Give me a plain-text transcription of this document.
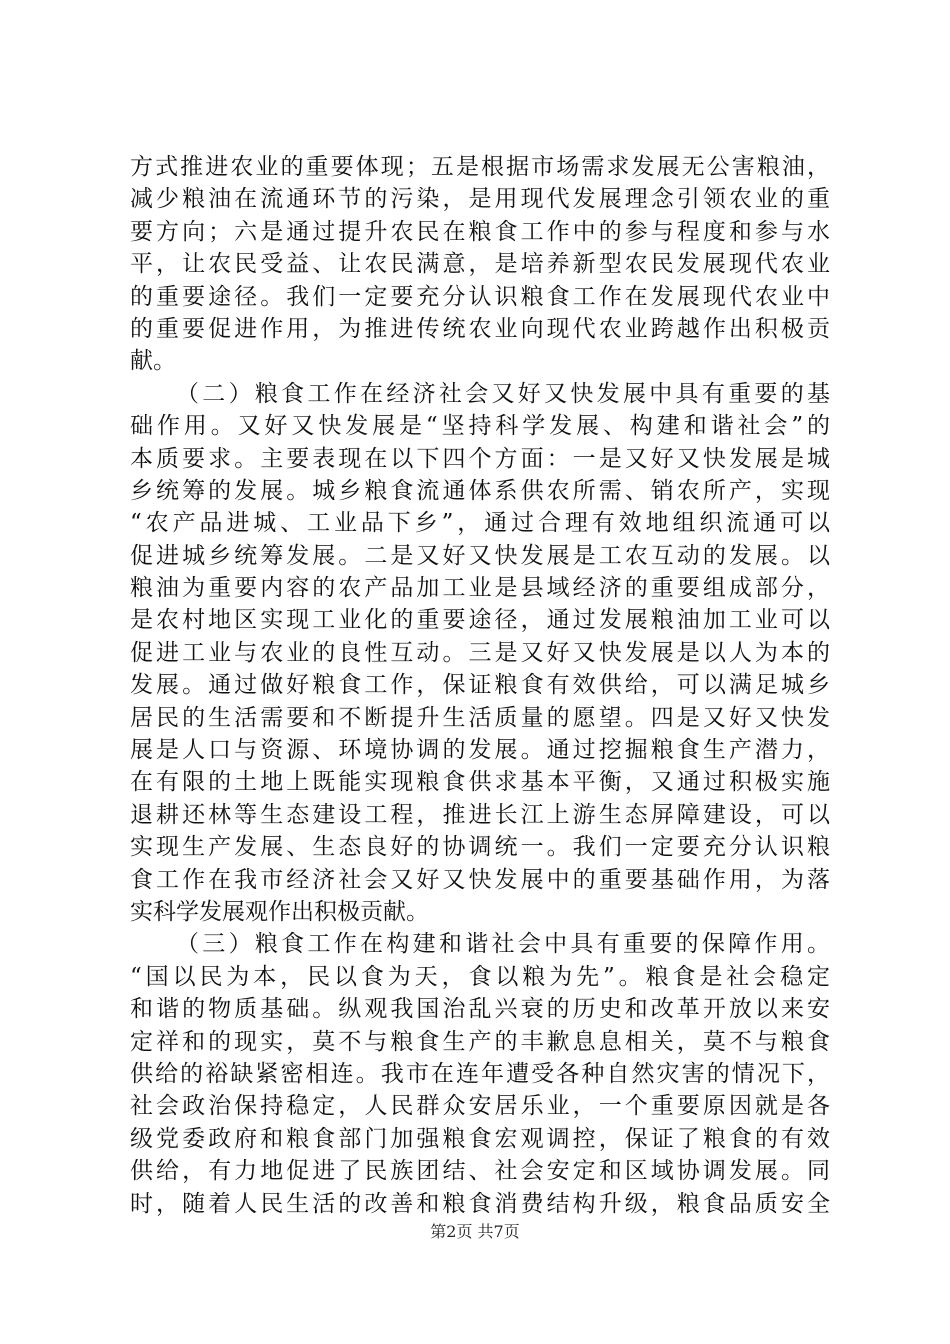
方式推进农业的重要体现；五是根据市场需求发展无公害粮油，
减少粮油在流通环节的污染，是用现代发展理念引领农业的重
要方向；六是通过提升农民在粮食工作中的参与程度和参与水
平，让农民受益、让农民满意，是培养新型农民发展现代农业
的重要途径。我们一定要充分认识粮食工作在发展现代农业中
的重要促进作用，为推进传统农业向现代农业跨越作出积极贡
献。
（二）粮食工作在经济社会又好又快发展中具有重要的基
础作用。又好又快发展是“坚持科学发展、构建和谐社会”的
本质要求。主要表现在以下四个方面：一是又好又快发展是城
乡统筹的发展。城乡粮食流通体系供农所需、销农所产，实现
“农产品进城、工业品下乡”，通过合理有效地组织流通可以
促进城乡统筹发展。二是又好又快发展是工农互动的发展。以
粮油为重要内容的农产品加工业是县域经济的重要组成部分，
是农村地区实现工业化的重要途径，通过发展粮油加工业可以
促进工业与农业的良性互动。三是又好又快发展是以人为本的
发展。通过做好粮食工作，保证粮食有效供给，可以满足城乡
居民的生活需要和不断提升生活质量的愿望。四是又好又快发
展是人口与资源、环境协调的发展。通过挖掘粮食生产潜力，
在有限的土地上既能实现粮食供求基本平衡，又通过积极实施
退耕还林等生态建设工程，推进长江上游生态屏障建设，可以
实现生产发展、生态良好的协调统一。我们一定要充分认识粮
食工作在我市经济社会又好又快发展中的重要基础作用，为落
实科学发展观作出积极贡献。
（三）粮食工作在构建和谐社会中具有重要的保障作用。
“国以民为本，民以食为天，食以粮为先”。粮食是社会稳定
和谐的物质基础。纵观我国治乱兴衰的历史和改革开放以来安
定祥和的现实，莫不与粮食生产的丰歉息息相关，莫不与粮食
供给的裕缺紧密相连。我市在连年遭受各种自然灾害的情况下，
社会政治保持稳定，人民群众安居乐业，一个重要原因就是各
级党委政府和粮食部门加强粮食宏观调控，保证了粮食的有效
供给，有力地促进了民族团结、社会安定和区域协调发展。同
时，随着人民生活的改善和粮食消费结构升级，粮食品质安全
第2页 共7页
